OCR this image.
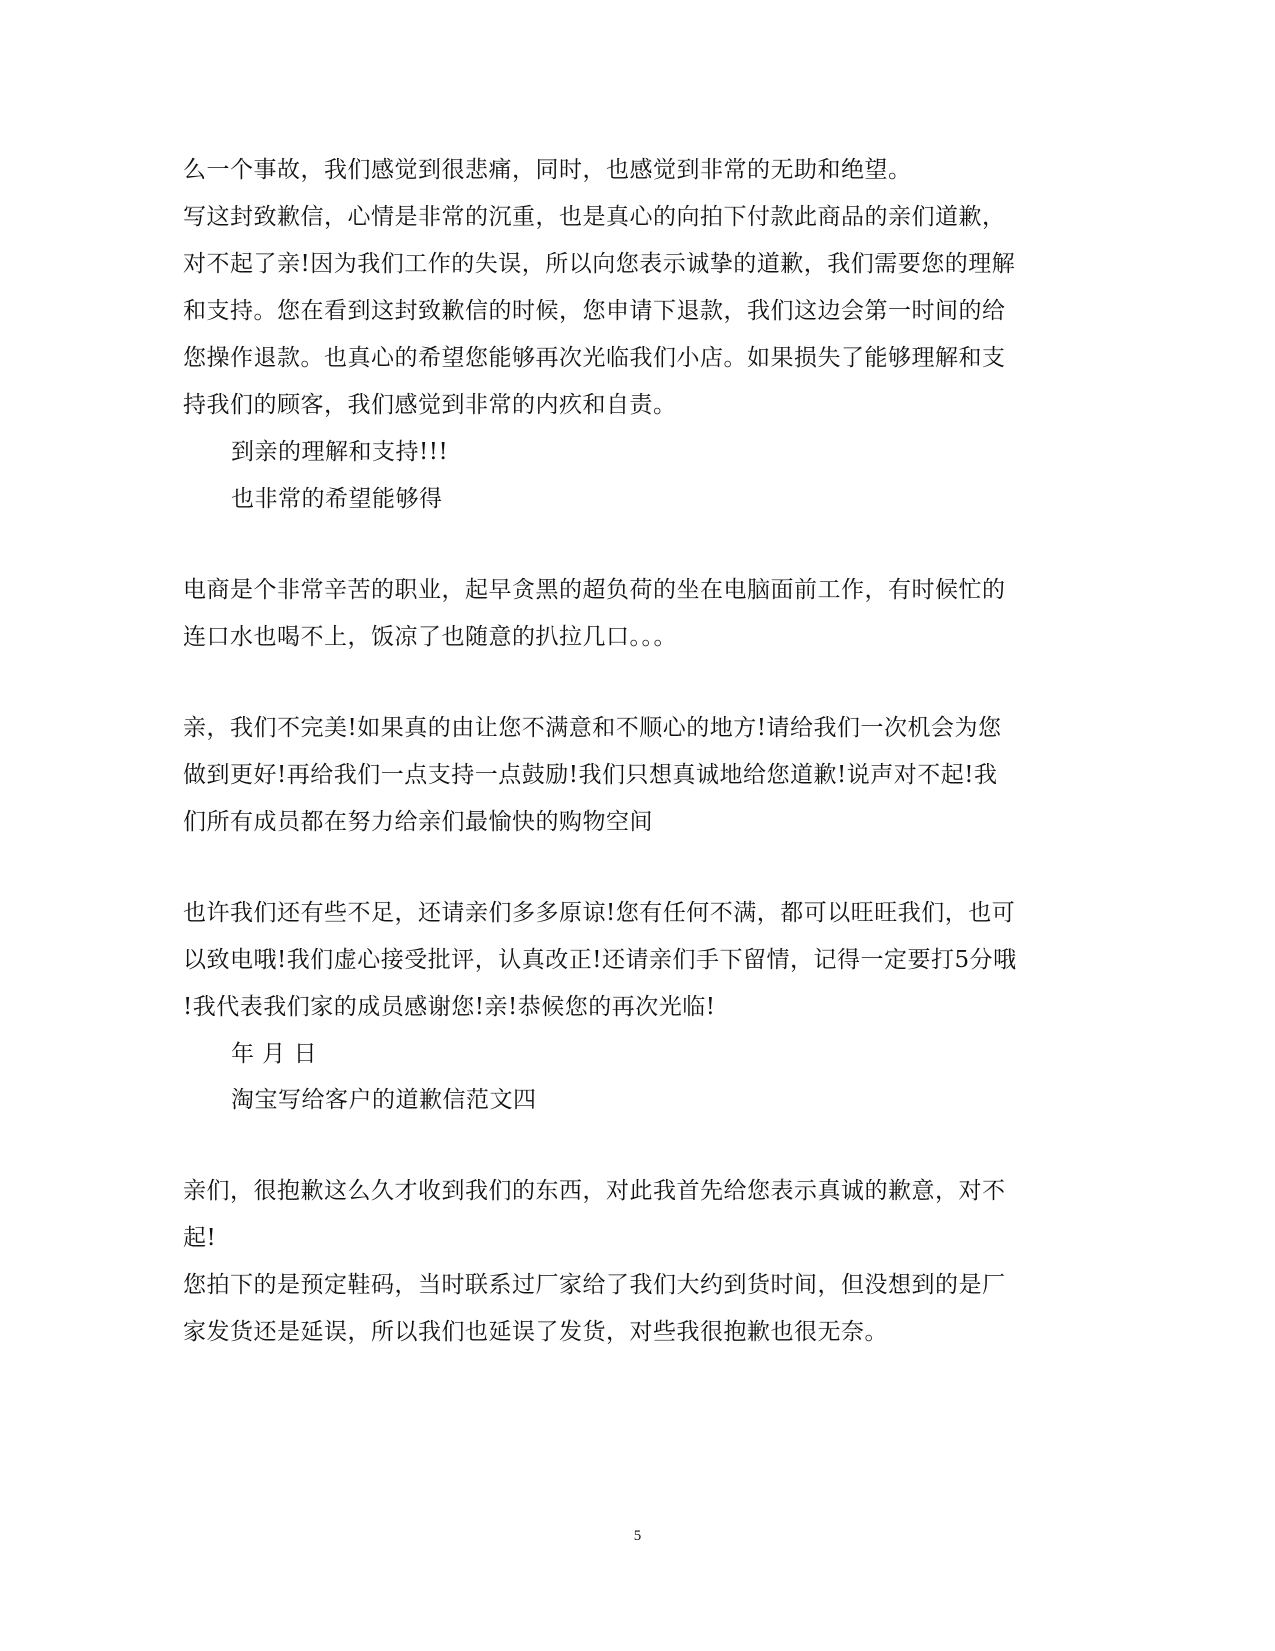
么一个事故，我们感觉到很悲痛，同时，也感觉到非常的无助和绝望。
写这封致歉信，心情是非常的沉重，也是真心的向拍下付款此商品的亲们道歉，
对不起了亲!因为我们工作的失误，所以向您表示诚挚的道歉，我们需要您的理解
和支持。您在看到这封致歉信的时候，您申请下退款，我们这边会第一时间的给
您操作退款。也真心的希望您能够再次光临我们小店。如果损失了能够理解和支
持我们的顾客，我们感觉到非常的内疚和自责。
到亲的理解和支持!!!
也非常的希望能够得
电商是个非常辛苦的职业，起早贪黑的超负荷的坐在电脑面前工作，有时候忙的
连口水也喝不上，饭凉了也随意的扒拉几口。。。
亲，我们不完美!如果真的由让您不满意和不顺心的地方!请给我们一次机会为您
做到更好!再给我们一点支持一点鼓励!我们只想真诚地给您道歉!说声对不起!我
们所有成员都在努力给亲们最愉快的购物空间
也许我们还有些不足，还请亲们多多原谅!您有任何不满，都可以旺旺我们，也可
以致电哦!我们虚心接受批评，认真改正!还请亲们手下留情，记得一定要打5分哦
!我代表我们家的成员感谢您!亲!恭候您的再次光临!
年 月 日
淘宝写给客户的道歉信范文四
亲们，很抱歉这么久才收到我们的东西，对此我首先给您表示真诚的歉意，对不
起!
您拍下的是预定鞋码，当时联系过厂家给了我们大约到货时间，但没想到的是厂
家发货还是延误，所以我们也延误了发货，对些我很抱歉也很无奈。
5
